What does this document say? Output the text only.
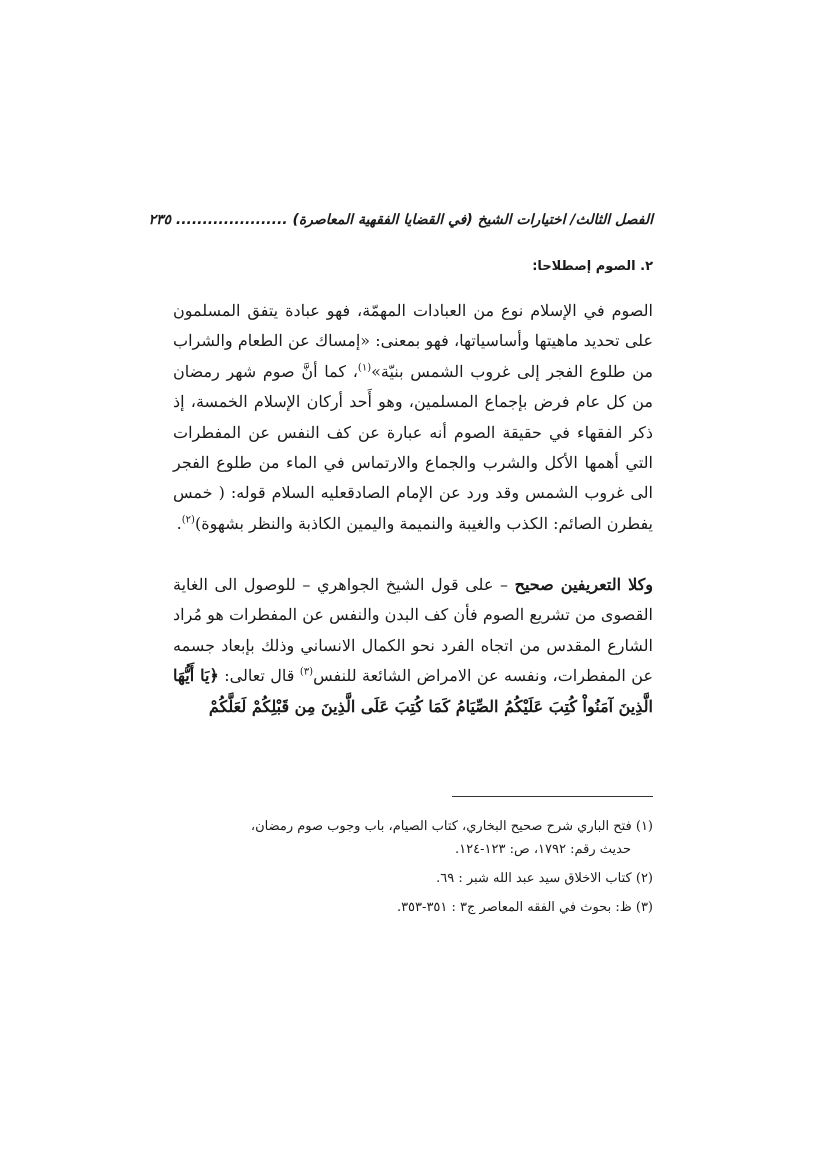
الفصل الثالث/ اختيارات الشيخ (في القضايا الفقهية المعاصرة) ..................... ٢٣٥
٢. الصوم إصطلاحا:

الصوم في الإسلام نوع من العبادات المهمّة، فهو عبادة يتفق المسلمون على تحديد ماهيتها وأساسياتها، فهو بمعنى: «إمساك عن الطعام والشراب من طلوع الفجر إلى غروب الشمس بنيّة»$^{(١)}$، كما أنَّ صوم شهر رمضان من كل عام فرض بإجماع المسلمين، وهو أَحد أركان الإسلام الخمسة، إذ ذكر الفقهاء في حقيقة الصوم أنه عبارة عن كف النفس عن المفطرات التي أهمها الأكل والشرب والجماع والارتماس في الماء من طلوع الفجر الى غروب الشمس وقد ورد عن الإمام الصادقعليه السلام قوله: ( خمس يفطرن الصائم: الكذب والغيبة والنميمة واليمين الكاذبة والنظر بشهوة)$^{(٢)}$.

وكلا التعريفين صحيح – على قول الشيخ الجواهري – للوصول الى الغاية القصوى من تشريع الصوم فأن كف البدن والنفس عن المفطرات هو مُراد الشارع المقدس من اتجاه الفرد نحو الكمال الانساني وذلك بإبعاد جسمه عن المفطرات، ونفسه عن الامراض الشائعة للنفس$^{(٣)}$ قال تعالى: ﴿يَا أَيُّهَا الَّذِينَ آمَنُواْ كُتِبَ عَلَيْكُمُ الصِّيَامُ كَمَا كُتِبَ عَلَى الَّذِينَ مِن قَبْلِكُمْ لَعَلَّكُمْ

(١) فتح الباري شرح صحيح البخاري، كتاب الصيام، باب وجوب صوم رمضان،
حديث رقم: ١٧٩٢، ص: ١٢٣-١٢٤.
(٢) كتاب الاخلاق سيد عبد الله شبر : ٦٩.
(٣) ظ: بحوث في الفقه المعاصر ج٣ : ٣٥١-٣٥٣.
